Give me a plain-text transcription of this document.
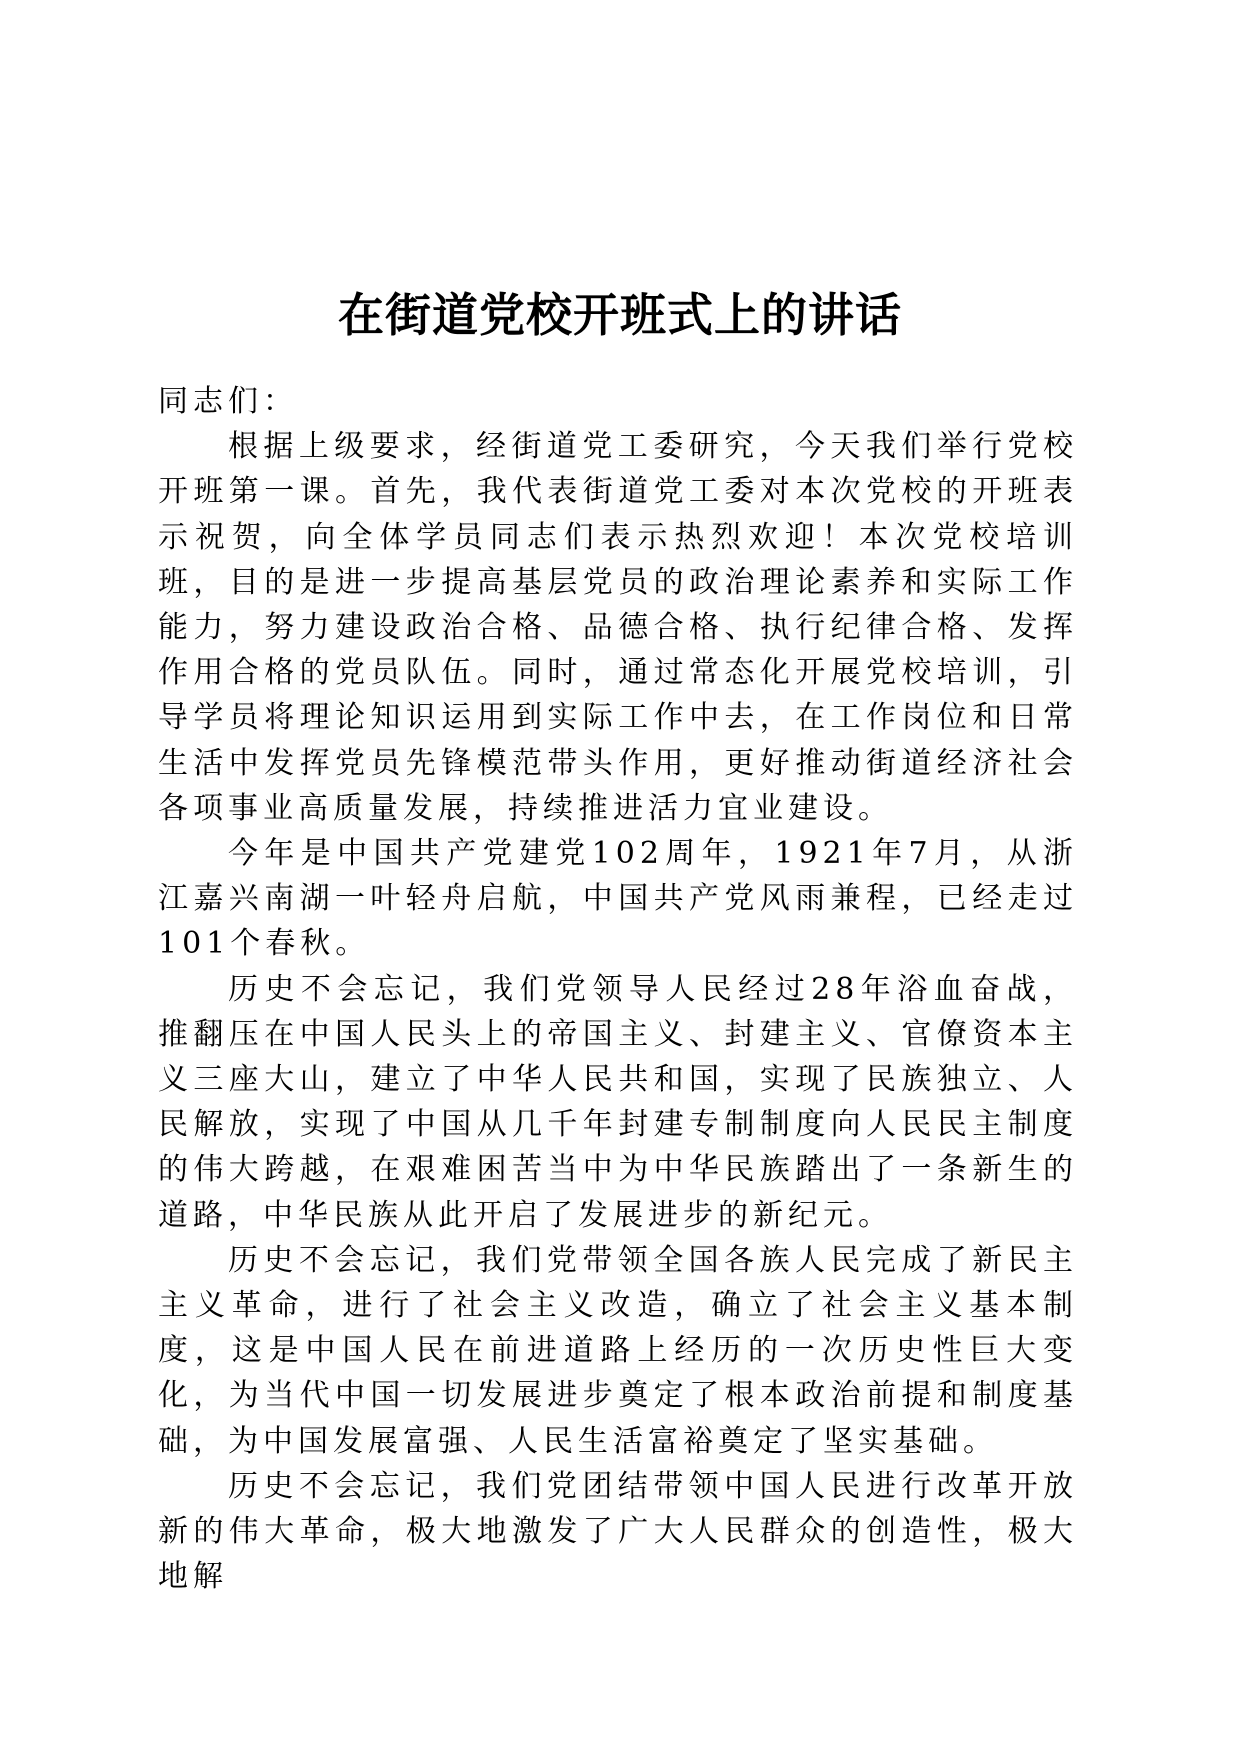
在街道党校开班式上的讲话

同志们：

根据上级要求，经街道党工委研究，今天我们举行党校开班第一课。首先，我代表街道党工委对本次党校的开班表示祝贺，向全体学员同志们表示热烈欢迎！本次党校培训班，目的是进一步提高基层党员的政治理论素养和实际工作能力，努力建设政治合格、品德合格、执行纪律合格、发挥作用合格的党员队伍。同时，通过常态化开展党校培训，引导学员将理论知识运用到实际工作中去，在工作岗位和日常生活中发挥党员先锋模范带头作用，更好推动街道经济社会各项事业高质量发展，持续推进活力宜业建设。

今年是中国共产党建党102周年，1921年7月，从浙江嘉兴南湖一叶轻舟启航，中国共产党风雨兼程，已经走过101个春秋。

历史不会忘记，我们党领导人民经过28年浴血奋战，推翻压在中国人民头上的帝国主义、封建主义、官僚资本主义三座大山，建立了中华人民共和国，实现了民族独立、人民解放，实现了中国从几千年封建专制制度向人民民主制度的伟大跨越，在艰难困苦当中为中华民族踏出了一条新生的道路，中华民族从此开启了发展进步的新纪元。

历史不会忘记，我们党带领全国各族人民完成了新民主主义革命，进行了社会主义改造，确立了社会主义基本制度，这是中国人民在前进道路上经历的一次历史性巨大变化，为当代中国一切发展进步奠定了根本政治前提和制度基础，为中国发展富强、人民生活富裕奠定了坚实基础。

历史不会忘记，我们党团结带领中国人民进行改革开放新的伟大革命，极大地激发了广大人民群众的创造性，极大地解
